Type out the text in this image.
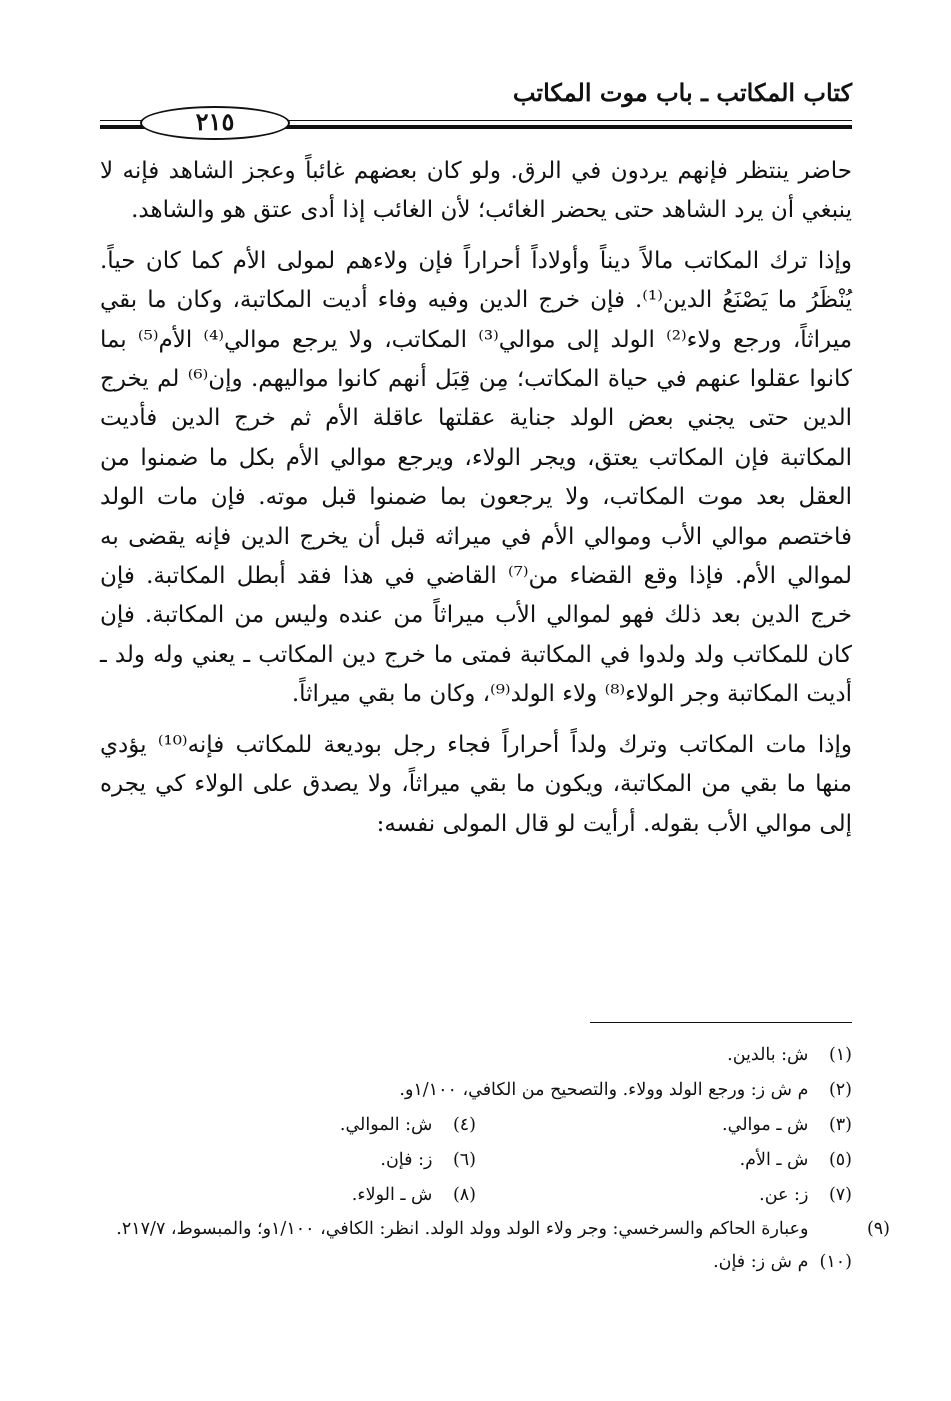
كتاب المكاتب ـ باب موت المكاتب
٢١٥

حاضر ينتظر فإنهم يردون في الرق. ولو كان بعضهم غائباً وعجز الشاهد فإنه لا ينبغي أن يرد الشاهد حتى يحضر الغائب؛ لأن الغائب إذا أدى عتق هو والشاهد.

وإذا ترك المكاتب مالاً ديناً وأولاداً أحراراً فإن ولاءهم لمولى الأم كما كان حياً. يُنْظَرُ ما يَصْنَعُ الدين⁽¹⁾. فإن خرج الدين وفيه وفاء أديت المكاتبة، وكان ما بقي ميراثاً، ورجع ولاء⁽²⁾ الولد إلى موالي⁽³⁾ المكاتب، ولا يرجع موالي⁽⁴⁾ الأم⁽⁵⁾ بما كانوا عقلوا عنهم في حياة المكاتب؛ مِن قِبَل أنهم كانوا مواليهم. وإن⁽⁶⁾ لم يخرج الدين حتى يجني بعض الولد جناية عقلتها عاقلة الأم ثم خرج الدين فأديت المكاتبة فإن المكاتب يعتق، ويجر الولاء، ويرجع موالي الأم بكل ما ضمنوا من العقل بعد موت المكاتب، ولا يرجعون بما ضمنوا قبل موته. فإن مات الولد فاختصم موالي الأب وموالي الأم في ميراثه قبل أن يخرج الدين فإنه يقضى به لموالي الأم. فإذا وقع القضاء من⁽⁷⁾ القاضي في هذا فقد أبطل المكاتبة. فإن خرج الدين بعد ذلك فهو لموالي الأب ميراثاً من عنده وليس من المكاتبة. فإن كان للمكاتب ولد ولدوا في المكاتبة فمتى ما خرج دين المكاتب ـ يعني وله ولد ـ أديت المكاتبة وجر الولاء⁽⁸⁾ ولاء الولد⁽⁹⁾، وكان ما بقي ميراثاً.

وإذا مات المكاتب وترك ولداً أحراراً فجاء رجل بوديعة للمكاتب فإنه⁽¹⁰⁾ يؤدي منها ما بقي من المكاتبة، ويكون ما بقي ميراثاً، ولا يصدق على الولاء كي يجره إلى موالي الأب بقوله. أرأيت لو قال المولى نفسه:

(١) ش: بالدين.
(٢) م ش ز: ورجع الولد وولاء. والتصحيح من الكافي، ١/١٠٠و.
(٣) ش ـ موالي.
(٤) ش: الموالي.
(٥) ش ـ الأم.
(٦) ز: فإن.
(٧) ز: عن.
(٨) ش ـ الولاء.
(٩) وعبارة الحاكم والسرخسي: وجر ولاء الولد وولد الولد. انظر: الكافي، ١/١٠٠و؛ والمبسوط، ٢١٧/٧.
(١٠) م ش ز: فإن.
